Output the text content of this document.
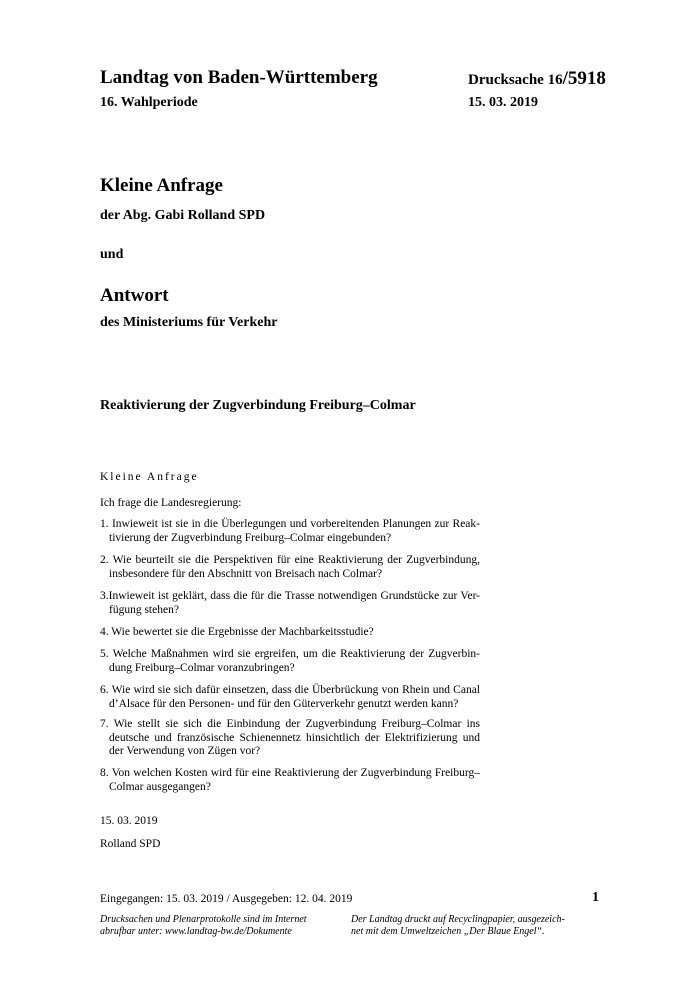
Landtag von Baden-Württemberg
16. Wahlperiode
Drucksache 16/5918
15. 03. 2019
Kleine Anfrage
der Abg. Gabi Rolland SPD
und
Antwort
des Ministeriums für Verkehr
Reaktivierung der Zugverbindung Freiburg–Colmar
Kleine Anfrage
Ich frage die Landesregierung:
1. Inwieweit ist sie in die Überlegungen und vorbereitenden Planungen zur Reak-
tivierung der Zugverbindung Freiburg–Colmar eingebunden?
2. Wie beurteilt sie die Perspektiven für eine Reaktivierung der Zugverbindung,
insbesondere für den Abschnitt von Breisach nach Colmar?
3.Inwieweit ist geklärt, dass die für die Trasse notwendigen Grundstücke zur Ver-
fügung stehen?
4. Wie bewertet sie die Ergebnisse der Machbarkeitsstudie?
5. Welche Maßnahmen wird sie ergreifen, um die Reaktivierung der Zugverbin-
dung Freiburg–Colmar voranzubringen?
6. Wie wird sie sich dafür einsetzen, dass die Überbrückung von Rhein und Canal
d’Alsace für den Personen- und für den Güterverkehr genutzt werden kann?
7. Wie stellt sie sich die Einbindung der Zugverbindung Freiburg–Colmar ins
deutsche und französische Schienennetz hinsichtlich der Elektrifizierung und
der Verwendung von Zügen vor?
8. Von welchen Kosten wird für eine Reaktivierung der Zugverbindung Freiburg–
Colmar ausgegangen?
15. 03. 2019
Rolland SPD
Eingegangen: 15. 03. 2019 / Ausgegeben: 12. 04. 2019	1
Drucksachen und Plenarprotokolle sind im Internet
abrufbar unter: www.landtag-bw.de/Dokumente
Der Landtag druckt auf Recyclingpapier, ausgezeich-
net mit dem Umweltzeichen „Der Blaue Engel“.
